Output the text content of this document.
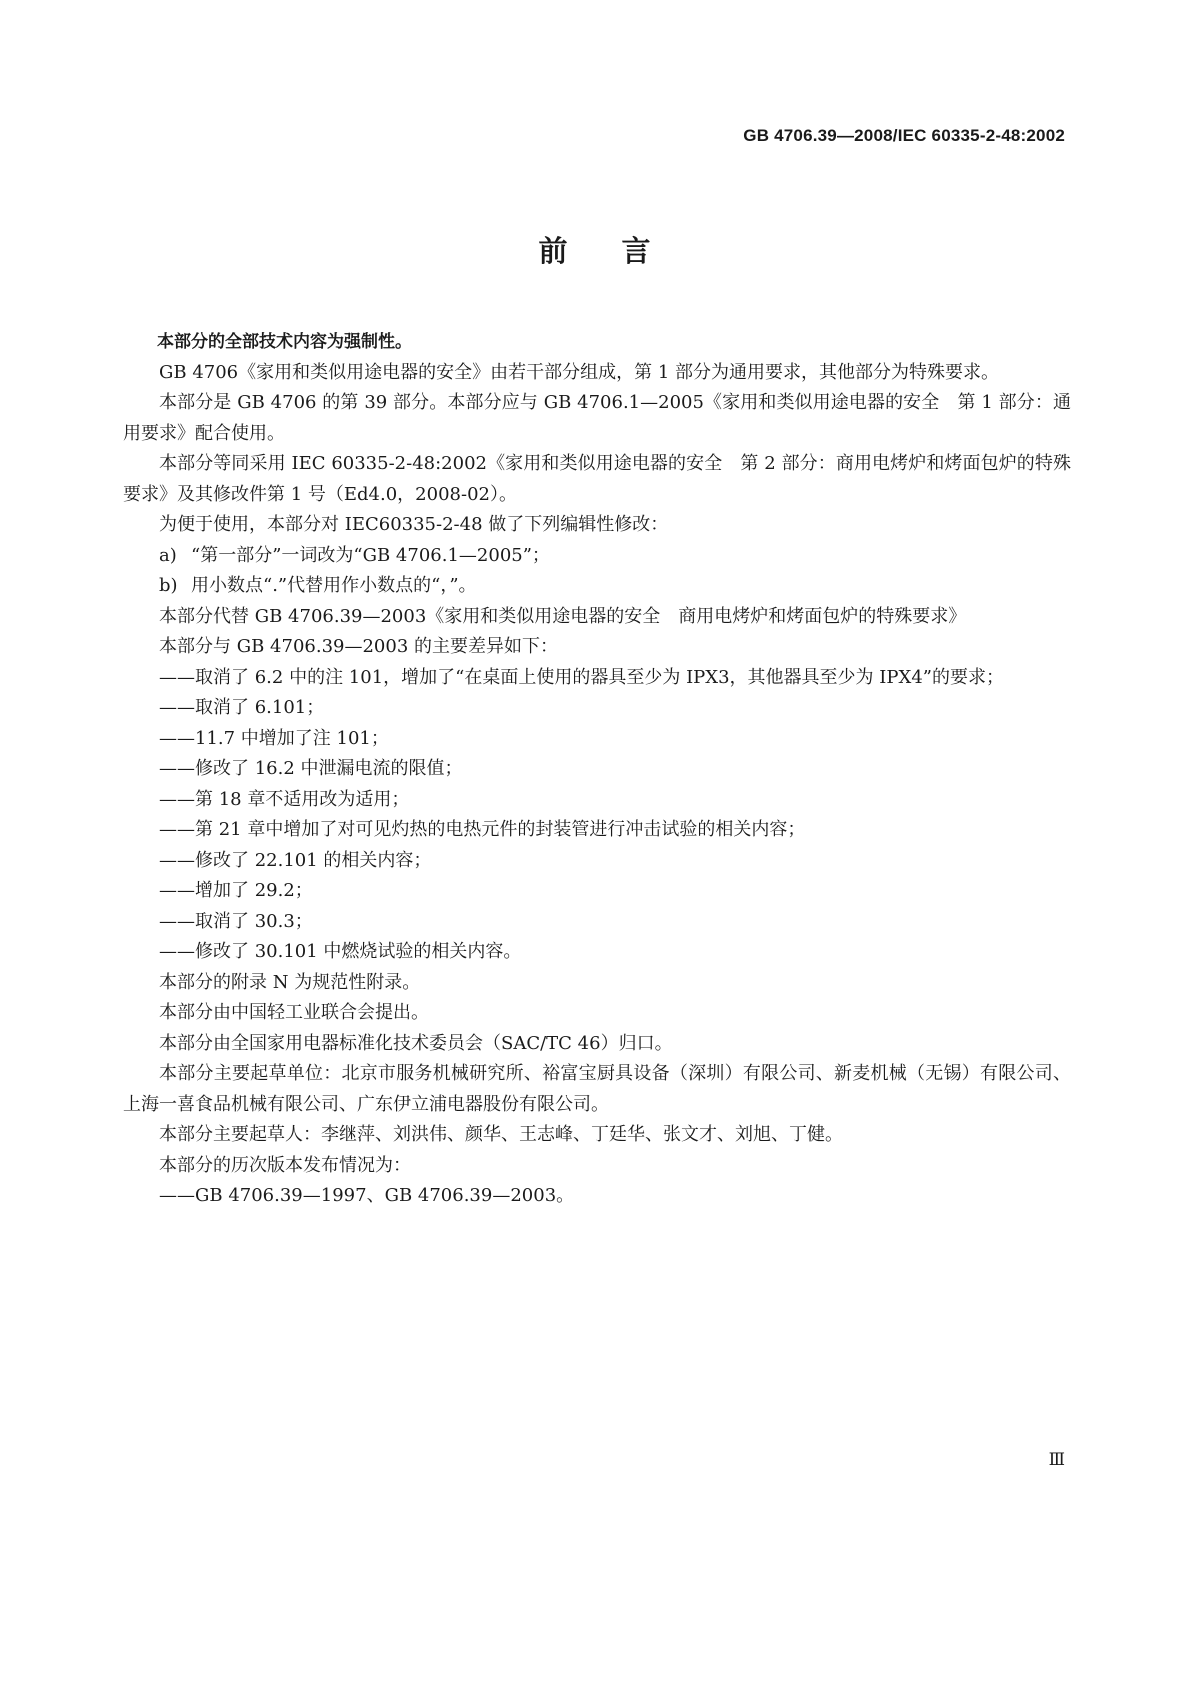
GB 4706.39—2008/IEC 60335-2-48:2002
前 言

本部分的全部技术内容为强制性。

GB 4706《家用和类似用途电器的安全》由若干部分组成，第 1 部分为通用要求，其他部分为特殊要求。

本部分是 GB 4706 的第 39 部分。本部分应与 GB 4706.1—2005《家用和类似用途电器的安全　第 1 部分：通用要求》配合使用。

本部分等同采用 IEC 60335-2-48:2002《家用和类似用途电器的安全　第 2 部分：商用电烤炉和烤面包炉的特殊要求》及其修改件第 1 号（Ed4.0，2008-02）。

为便于使用，本部分对 IEC60335-2-48 做了下列编辑性修改：

a) “第一部分”一词改为“GB 4706.1—2005”；

b) 用小数点“.”代替用作小数点的“，”。

本部分代替 GB 4706.39—2003《家用和类似用途电器的安全　商用电烤炉和烤面包炉的特殊要求》

本部分与 GB 4706.39—2003 的主要差异如下：

——取消了 6.2 中的注 101，增加了“在桌面上使用的器具至少为 IPX3，其他器具至少为 IPX4”的要求；

——取消了 6.101；

——11.7 中增加了注 101；

——修改了 16.2 中泄漏电流的限值；

——第 18 章不适用改为适用；

——第 21 章中增加了对可见灼热的电热元件的封装管进行冲击试验的相关内容；

——修改了 22.101 的相关内容；

——增加了 29.2；

——取消了 30.3；

——修改了 30.101 中燃烧试验的相关内容。

本部分的附录 N 为规范性附录。

本部分由中国轻工业联合会提出。

本部分由全国家用电器标准化技术委员会（SAC/TC 46）归口。

本部分主要起草单位：北京市服务机械研究所、裕富宝厨具设备（深圳）有限公司、新麦机械（无锡）有限公司、上海一喜食品机械有限公司、广东伊立浦电器股份有限公司。

本部分主要起草人：李继萍、刘洪伟、颜华、王志峰、丁廷华、张文才、刘旭、丁健。

本部分的历次版本发布情况为：

——GB 4706.39—1997、GB 4706.39—2003。

Ⅲ
